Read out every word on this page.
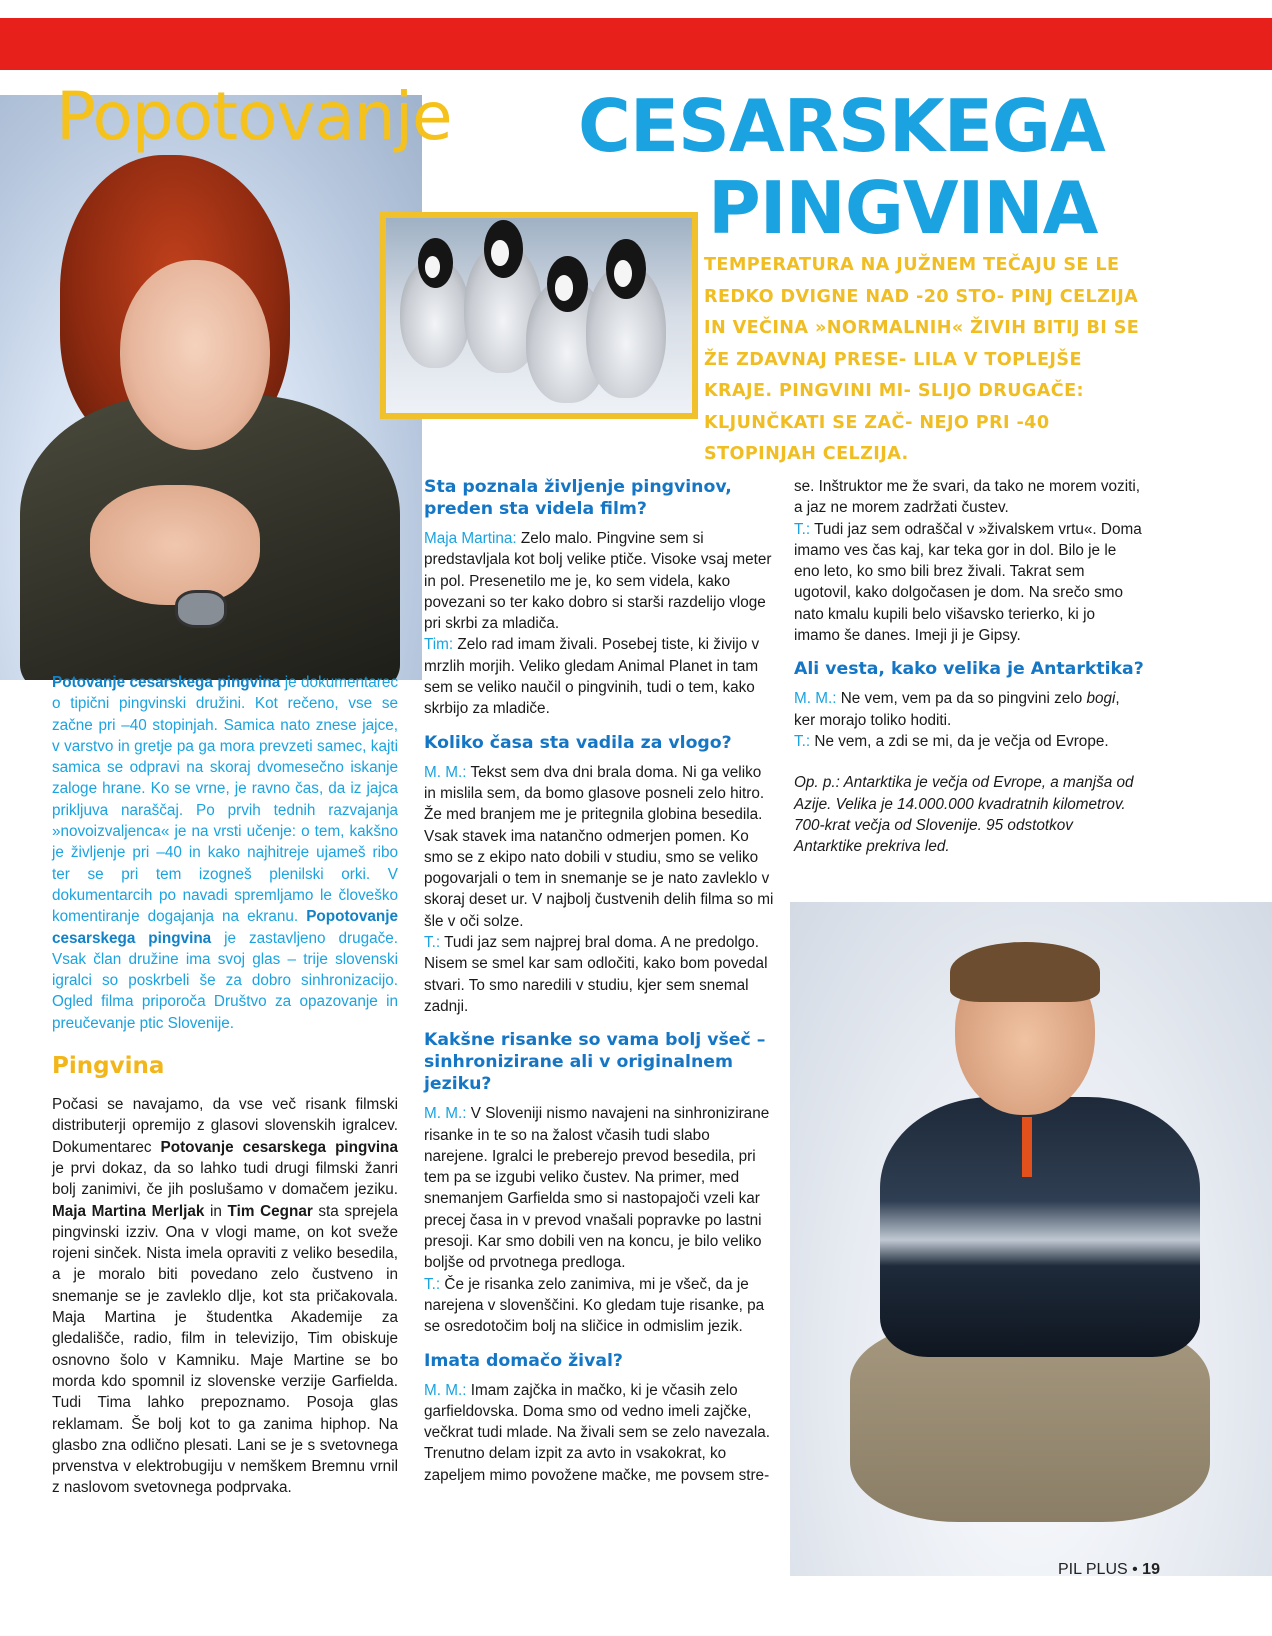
Popotovanje CESARSKEGA
PINGVINA

TEMPERATURA NA JUŽNEM TEČAJU SE LE REDKO DVIGNE NAD -20 STO- PINJ CELZIJA IN VEČINA »NORMALNIH« ŽIVIH BITIJ BI SE ŽE ZDAVNAJ PRESE- LILA V TOPLEJŠE KRAJE. PINGVINI MI- SLIJO DRUGAČE: KLJUNČKATI SE ZAČ- NEJO PRI -40 STOPINJAH CELZIJA.

Potovanje cesarskega pingvina je dokumentarec o tipični pingvinski družini. Kot rečeno, vse se začne pri –40 stopinjah. Samica nato znese jajce, v varstvo in gretje pa ga mora prevzeti samec, kajti samica se odpravi na skoraj dvomesečno iskanje zaloge hrane. Ko se vrne, je ravno čas, da iz jajca prikljuva naraščaj. Po prvih tednih razvajanja »novoizvaljenca« je na vrsti učenje: o tem, kakšno je življenje pri –40 in kako najhitreje ujameš ribo ter se pri tem izogneš plenilski orki. V dokumentarcih po navadi spremljamo le človeško komentiranje dogajanja na ekranu. Popotovanje cesarskega pingvina je zastavljeno drugače. Vsak član družine ima svoj glas – trije slovenski igralci so poskrbeli še za dobro sinhronizacijo. Ogled filma priporoča Društvo za opazovanje in preučevanje ptic Slovenije.

Pingvina

Počasi se navajamo, da vse več risank filmski distributerji opremijo z glasovi slovenskih igralcev. Dokumentarec Potovanje cesarskega pingvina je prvi dokaz, da so lahko tudi drugi filmski žanri bolj zanimivi, če jih poslušamo v domačem jeziku. Maja Martina Merljak in Tim Cegnar sta sprejela pingvinski izziv. Ona v vlogi mame, on kot sveže rojeni sinček. Nista imela opraviti z veliko besedila, a je moralo biti povedano zelo čustveno in snemanje se je zavleklo dlje, kot sta pričakovala. Maja Martina je študentka Akademije za gledališče, radio, film in televizijo, Tim obiskuje osnovno šolo v Kamniku. Maje Martine se bo morda kdo spomnil iz slovenske verzije Garfielda. Tudi Tima lahko prepoznamo. Posoja glas reklamam. Še bolj kot to ga zanima hiphop. Na glasbo zna odlično plesati. Lani se je s svetovnega prvenstva v elektrobugiju v nemškem Bremnu vrnil z naslovom svetovnega podprvaka.

Sta poznala življenje pingvinov, preden sta videla film?

Maja Martina: Zelo malo. Pingvine sem si predstavljala kot bolj velike ptiče. Visoke vsaj meter in pol. Presenetilo me je, ko sem videla, kako povezani so ter kako dobro si starši razdelijo vloge pri skrbi za mladiča.

Tim: Zelo rad imam živali. Posebej tiste, ki živijo v mrzlih morjih. Veliko gledam Animal Planet in tam sem se veliko naučil o pingvinih, tudi o tem, kako skrbijo za mladiče.

Koliko časa sta vadila za vlogo?

M. M.: Tekst sem dva dni brala doma. Ni ga veliko in mislila sem, da bomo glasove posneli zelo hitro. Že med branjem me je pritegnila globina besedila. Vsak stavek ima natančno odmerjen pomen. Ko smo se z ekipo nato dobili v studiu, smo se veliko pogovarjali o tem in snemanje se je nato zavleklo v skoraj deset ur. V najbolj čustvenih delih filma so mi šle v oči solze.

T.: Tudi jaz sem najprej bral doma. A ne predolgo. Nisem se smel kar sam odločiti, kako bom povedal stvari. To smo naredili v studiu, kjer sem snemal zadnji.

Kakšne risanke so vama bolj všeč – sinhronizirane ali v originalnem jeziku?

M. M.: V Sloveniji nismo navajeni na sinhronizirane risanke in te so na žalost včasih tudi slabo narejene. Igralci le preberejo prevod besedila, pri tem pa se izgubi veliko čustev. Na primer, med snemanjem Garfielda smo si nastopajoči vzeli kar precej časa in v prevod vnašali popravke po lastni presoji. Kar smo dobili ven na koncu, je bilo veliko boljše od prvotnega predloga.

T.: Če je risanka zelo zanimiva, mi je všeč, da je narejena v slovenščini. Ko gledam tuje risanke, pa se osredotočim bolj na sličice in odmislim jezik.

Imata domačo žival?

M. M.: Imam zajčka in mačko, ki je včasih zelo garfieldovska. Doma smo od vedno imeli zajčke, večkrat tudi mlade. Na živali sem se zelo navezala. Trenutno delam izpit za avto in vsakokrat, ko zapeljem mimo povožene mačke, me povsem stre-

se. Inštruktor me že svari, da tako ne morem voziti, a jaz ne morem zadržati čustev.

T.: Tudi jaz sem odraščal v »živalskem vrtu«. Doma imamo ves čas kaj, kar teka gor in dol. Bilo je le eno leto, ko smo bili brez živali. Takrat sem ugotovil, kako dolgočasen je dom. Na srečo smo nato kmalu kupili belo višavsko terierko, ki jo imamo še danes. Imeji ji je Gipsy.

Ali vesta, kako velika je Antarktika?

M. M.: Ne vem, vem pa da so pingvini zelo bogi, ker morajo toliko hoditi.

T.: Ne vem, a zdi se mi, da je večja od Evrope.

Op. p.: Antarktika je večja od Evrope, a manjša od Azije. Velika je 14.000.000 kvadratnih kilometrov. 700-krat večja od Slovenije. 95 odstotkov Antarktike prekriva led.

PIL PLUS • 19
